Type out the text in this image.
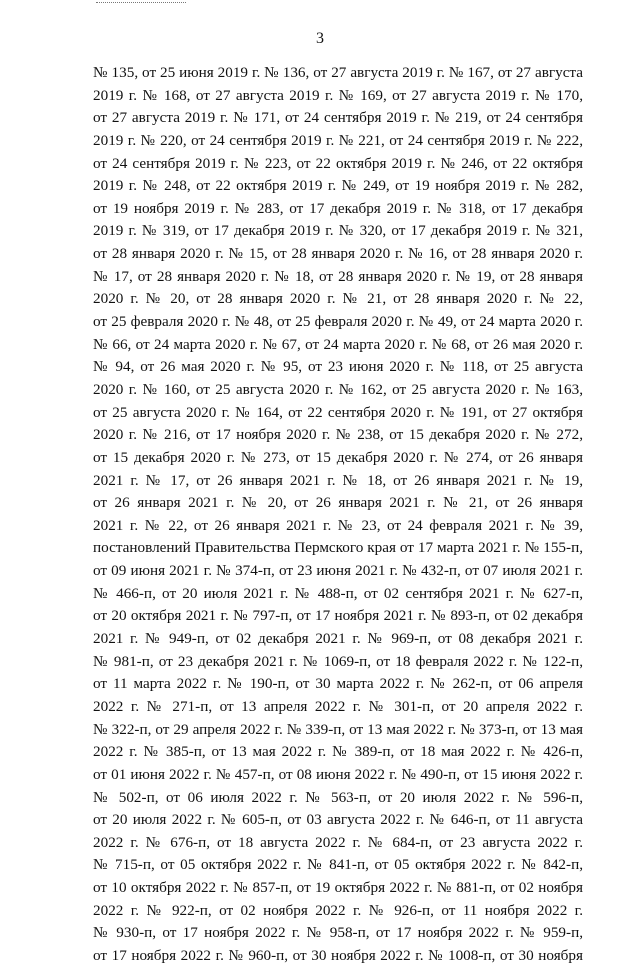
3
№ 135, от 25 июня 2019 г. № 136, от 27 августа 2019 г. № 167, от 27 августа
2019 г. № 168, от 27 августа 2019 г. № 169, от 27 августа 2019 г. № 170,
от 27 августа 2019 г. № 171, от 24 сентября 2019 г. № 219, от 24 сентября
2019 г. № 220, от 24 сентября 2019 г. № 221, от 24 сентября 2019 г. № 222,
от 24 сентября 2019 г. № 223, от 22 октября 2019 г. № 246, от 22 октября
2019 г. № 248, от 22 октября 2019 г. № 249, от 19 ноября 2019 г. № 282,
от 19 ноября 2019 г. № 283, от 17 декабря 2019 г. № 318, от 17 декабря
2019 г. № 319, от 17 декабря 2019 г. № 320, от 17 декабря 2019 г. № 321,
от 28 января 2020 г. № 15, от 28 января 2020 г. № 16, от 28 января 2020 г.
№ 17, от 28 января 2020 г. № 18, от 28 января 2020 г. № 19, от 28 января
2020 г. № 20, от 28 января 2020 г. № 21, от 28 января 2020 г. № 22,
от 25 февраля 2020 г. № 48, от 25 февраля 2020 г. № 49, от 24 марта 2020 г.
№ 66, от 24 марта 2020 г. № 67, от 24 марта 2020 г. № 68, от 26 мая 2020 г.
№ 94, от 26 мая 2020 г. № 95, от 23 июня 2020 г. № 118, от 25 августа
2020 г. № 160, от 25 августа 2020 г. № 162, от 25 августа 2020 г. № 163,
от 25 августа 2020 г. № 164, от 22 сентября 2020 г. № 191, от 27 октября
2020 г. № 216, от 17 ноября 2020 г. № 238, от 15 декабря 2020 г. № 272,
от 15 декабря 2020 г. № 273, от 15 декабря 2020 г. № 274, от 26 января
2021 г. № 17, от 26 января 2021 г. № 18, от 26 января 2021 г. № 19,
от 26 января 2021 г. № 20, от 26 января 2021 г. № 21, от 26 января
2021 г. № 22, от 26 января 2021 г. № 23, от 24 февраля 2021 г. № 39,
постановлений Правительства Пермского края от 17 марта 2021 г. № 155-п,
от 09 июня 2021 г. № 374-п, от 23 июня 2021 г. № 432-п, от 07 июля 2021 г.
№ 466-п, от 20 июля 2021 г. № 488-п, от 02 сентября 2021 г. № 627-п,
от 20 октября 2021 г. № 797-п, от 17 ноября 2021 г. № 893-п, от 02 декабря
2021 г. № 949-п, от 02 декабря 2021 г. № 969-п, от 08 декабря 2021 г.
№ 981-п, от 23 декабря 2021 г. № 1069-п, от 18 февраля 2022 г. № 122-п,
от 11 марта 2022 г. № 190-п, от 30 марта 2022 г. № 262-п, от 06 апреля
2022 г. № 271-п, от 13 апреля 2022 г. № 301-п, от 20 апреля 2022 г.
№ 322-п, от 29 апреля 2022 г. № 339-п, от 13 мая 2022 г. № 373-п, от 13 мая
2022 г. № 385-п, от 13 мая 2022 г. № 389-п, от 18 мая 2022 г. № 426-п,
от 01 июня 2022 г. № 457-п, от 08 июня 2022 г. № 490-п, от 15 июня 2022 г.
№ 502-п, от 06 июля 2022 г. № 563-п, от 20 июля 2022 г. № 596-п,
от 20 июля 2022 г. № 605-п, от 03 августа 2022 г. № 646-п, от 11 августа
2022 г. № 676-п, от 18 августа 2022 г. № 684-п, от 23 августа 2022 г.
№ 715-п, от 05 октября 2022 г. № 841-п, от 05 октября 2022 г. № 842-п,
от 10 октября 2022 г. № 857-п, от 19 октября 2022 г. № 881-п, от 02 ноября
2022 г. № 922-п, от 02 ноября 2022 г. № 926-п, от 11 ноября 2022 г.
№ 930-п, от 17 ноября 2022 г. № 958-п, от 17 ноября 2022 г. № 959-п,
от 17 ноября 2022 г. № 960-п, от 30 ноября 2022 г. № 1008-п, от 30 ноября
